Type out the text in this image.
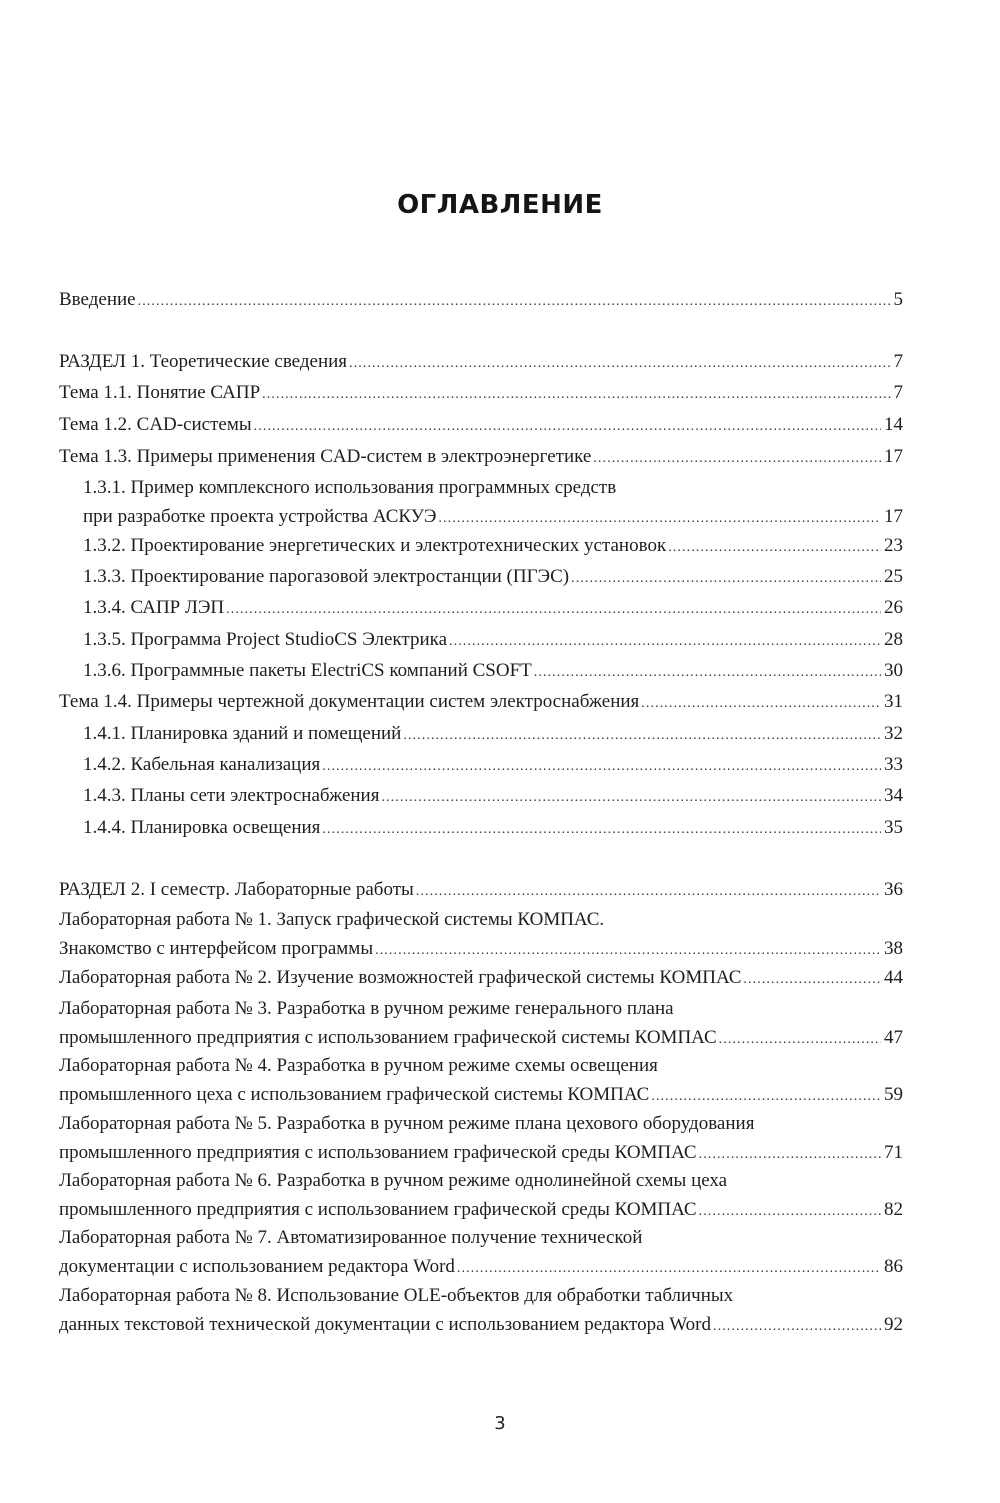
ОГЛАВЛЕНИЕ
Введение . . .	5
РАЗДЕЛ 1. Теоретические сведения . . .	7
Тема 1.1. Понятие САПР . . .	7
Тема 1.2. CAD-системы . . .	14
Тема 1.3. Примеры применения CAD-систем в электроэнергетике . . .	17
1.3.1. Пример комплексного использования программных средств
при разработке проекта устройства АСКУЭ . . .	17
1.3.2. Проектирование энергетических и электротехнических установок . . .	23
1.3.3. Проектирование парогазовой электростанции (ПГЭС) . . .	25
1.3.4. САПР ЛЭП . . .	26
1.3.5. Программа Project StudioCS Электрика . . .	28
1.3.6. Программные пакеты ElectriCS компаний CSOFT . . .	30
Тема 1.4. Примеры чертежной документации систем электроснабжения . . .	31
1.4.1. Планировка зданий и помещений . . .	32
1.4.2. Кабельная канализация . . .	33
1.4.3. Планы сети электроснабжения . . .	34
1.4.4. Планировка освещения . . .	35
РАЗДЕЛ 2. I семестр. Лабораторные работы . . .	36
Лабораторная работа № 1. Запуск графической системы КОМПАС.
Знакомство с интерфейсом программы . . .	38
Лабораторная работа № 2. Изучение возможностей графической системы КОМПАС . . .	44
Лабораторная работа № 3. Разработка в ручном режиме генерального плана
промышленного предприятия с использованием графической системы КОМПАС . . .	47
Лабораторная работа № 4. Разработка в ручном режиме схемы освещения
промышленного цеха с использованием графической системы КОМПАС . . .	59
Лабораторная работа № 5. Разработка в ручном режиме плана цехового оборудования
промышленного предприятия с использованием графической среды КОМПАС . . .	71
Лабораторная работа № 6. Разработка в ручном режиме однолинейной схемы цеха
промышленного предприятия с использованием графической среды КОМПАС . . .	82
Лабораторная работа № 7. Автоматизированное получение технической
документации с использованием редактора Word . . .	86
Лабораторная работа № 8. Использование OLE-объектов для обработки табличных
данных текстовой технической документации с использованием редактора Word . . .	92
3
